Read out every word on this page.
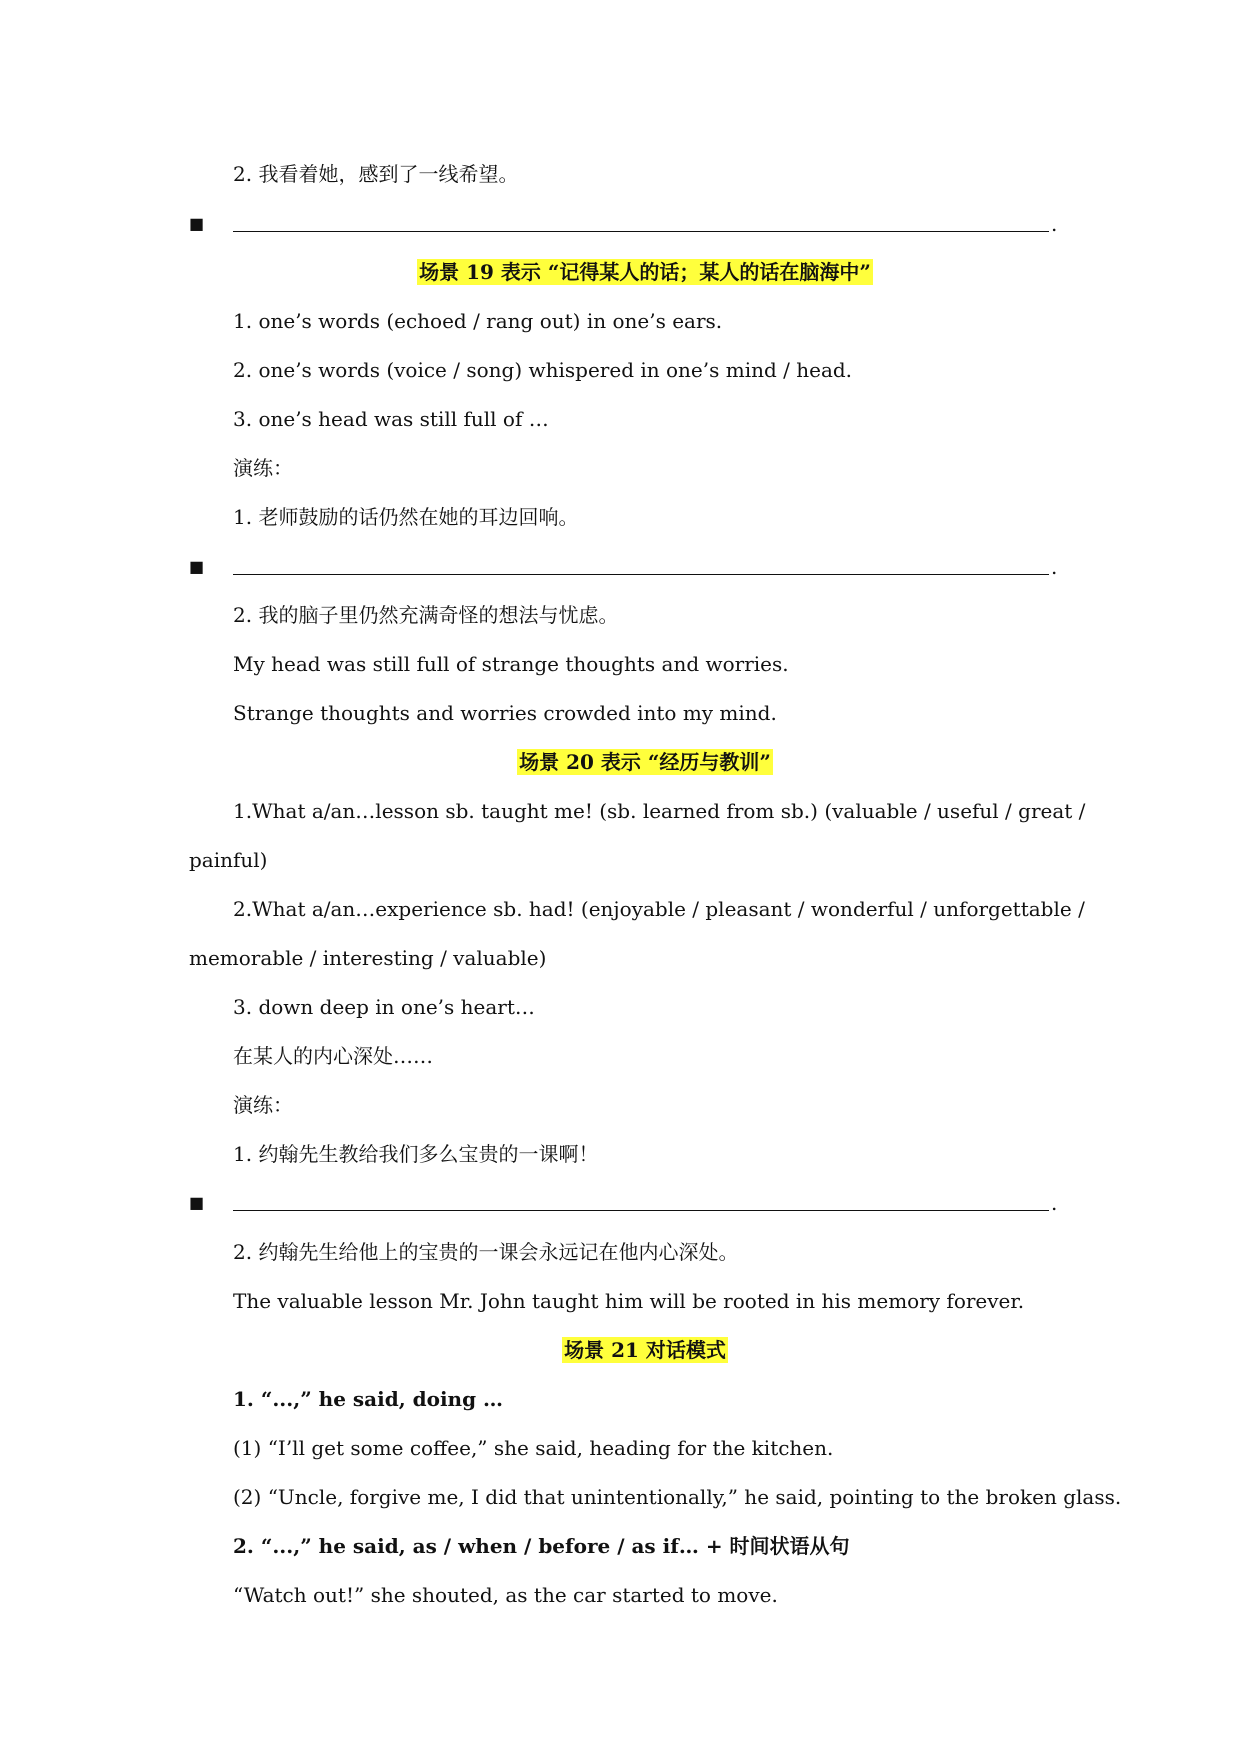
2. 我看着她，感到了一线希望。
■	.
场景 19 表示 “记得某人的话；某人的话在脑海中”
1. one’s words (echoed / rang out) in one’s ears.
2. one’s words (voice / song) whispered in one’s mind / head.
3. one’s head was still full of …
演练：
1. 老师鼓励的话仍然在她的耳边回响。
■	.
2. 我的脑子里仍然充满奇怪的想法与忧虑。
My head was still full of strange thoughts and worries.
Strange thoughts and worries crowded into my mind.
场景 20 表示 “经历与教训”
1.What a/an…lesson sb. taught me! (sb. learned from sb.) (valuable / useful / great /
painful)
2.What a/an…experience sb. had! (enjoyable / pleasant / wonderful / unforgettable /
memorable / interesting / valuable)
3. down deep in one’s heart…
在某人的内心深处……
演练：
1. 约翰先生教给我们多么宝贵的一课啊！
■	.
2. 约翰先生给他上的宝贵的一课会永远记在他内心深处。
The valuable lesson Mr. John taught him will be rooted in his memory forever.
场景 21 对话模式
1. “...,” he said, doing …
(1) “I’ll get some coffee,” she said, heading for the kitchen.
(2) “Uncle, forgive me, I did that unintentionally,” he said, pointing to the broken glass.
2. “...,” he said, as / when / before / as if… + 时间状语从句
“Watch out!” she shouted, as the car started to move.
